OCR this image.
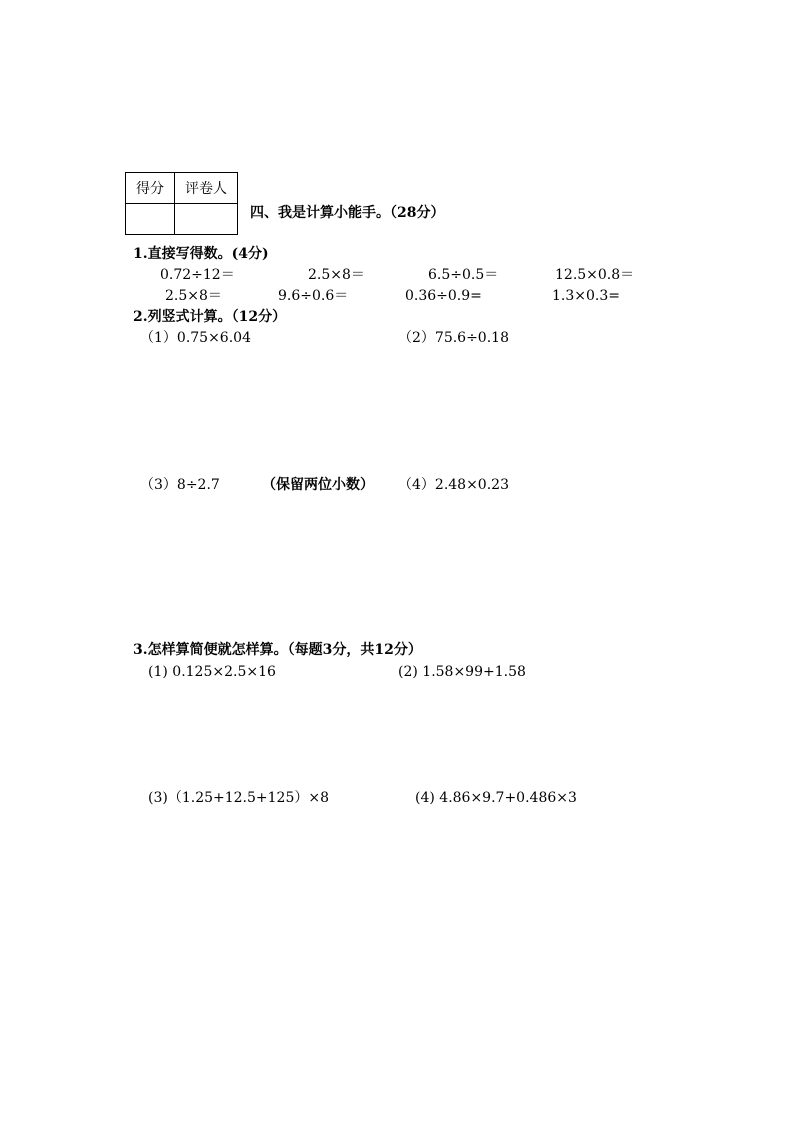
得分	评卷人

四、我是计算小能手。（28分）
1.直接写得数。(4分)
0.72÷12＝	2.5×8＝	6.5÷0.5＝	12.5×0.8＝
2.5×8＝	9.6÷0.6＝	0.36÷0.9=	1.3×0.3=
2.列竖式计算。（12分）
（1）0.75×6.04	（2）75.6÷0.18
（3）8÷2.7	（保留两位小数） （4）2.48×0.23
3.怎样算简便就怎样算。（每题3分，共12分）
(1) 0.125×2.5×16	(2) 1.58×99+1.58
(3)（1.25+12.5+125）×8	(4) 4.86×9.7+0.486×3
